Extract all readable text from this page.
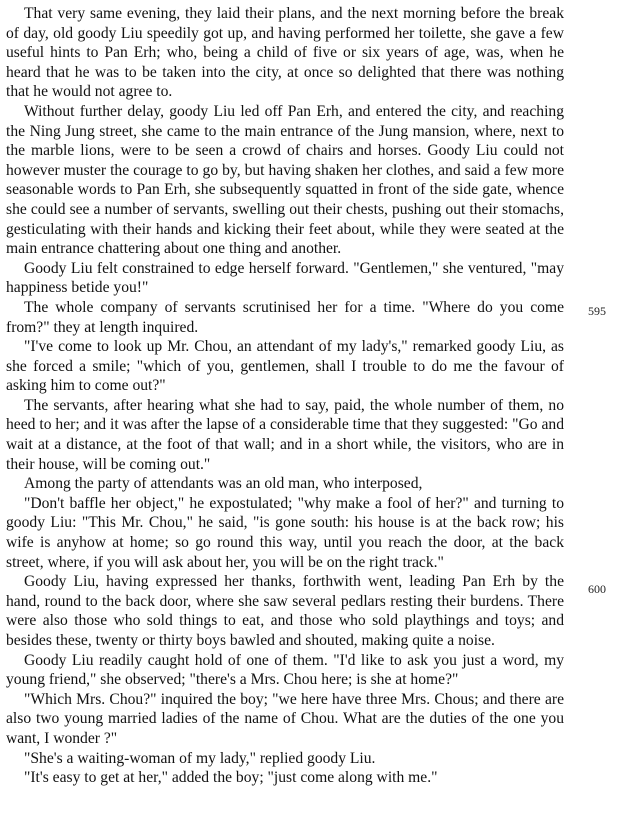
That very same evening, they laid their plans, and the next morning before the break of day, old goody Liu speedily got up, and having performed her toilette, she gave a few useful hints to Pan Erh; who, being a child of five or six years of age, was, when he heard that he was to be taken into the city, at once so delighted that there was nothing that he would not agree to.

Without further delay, goody Liu led off Pan Erh, and entered the city, and reaching the Ning Jung street, she came to the main entrance of the Jung mansion, where, next to the marble lions, were to be seen a crowd of chairs and horses. Goody Liu could not however muster the courage to go by, but having shaken her clothes, and said a few more seasonable words to Pan Erh, she subsequently squatted in front of the side gate, whence she could see a number of servants, swelling out their chests, pushing out their stomachs, gesticulating with their hands and kicking their feet about, while they were seated at the main entrance chattering about one thing and another.

Goody Liu felt constrained to edge herself forward. "Gentlemen," she ventured, "may happiness betide you!"

The whole company of servants scrutinised her for a time. "Where do you come from?" they at length inquired.

"I've come to look up Mr. Chou, an attendant of my lady's," remarked goody Liu, as she forced a smile; "which of you, gentlemen, shall I trouble to do me the favour of asking him to come out?"

The servants, after hearing what she had to say, paid, the whole number of them, no heed to her; and it was after the lapse of a considerable time that they suggested: "Go and wait at a distance, at the foot of that wall; and in a short while, the visitors, who are in their house, will be coming out."

Among the party of attendants was an old man, who interposed,

"Don't baffle her object," he expostulated; "why make a fool of her?" and turning to goody Liu: "This Mr. Chou," he said, "is gone south: his house is at the back row; his wife is anyhow at home; so go round this way, until you reach the door, at the back street, where, if you will ask about her, you will be on the right track."

Goody Liu, having expressed her thanks, forthwith went, leading Pan Erh by the hand, round to the back door, where she saw several pedlars resting their burdens. There were also those who sold things to eat, and those who sold playthings and toys; and besides these, twenty or thirty boys bawled and shouted, making quite a noise.

Goody Liu readily caught hold of one of them. "I'd like to ask you just a word, my young friend," she observed; "there's a Mrs. Chou here; is she at home?"

"Which Mrs. Chou?" inquired the boy; "we here have three Mrs. Chous; and there are also two young married ladies of the name of Chou. What are the duties of the one you want, I wonder ?"

"She's a waiting-woman of my lady," replied goody Liu.

"It's easy to get at her," added the boy; "just come along with me."

595
600
